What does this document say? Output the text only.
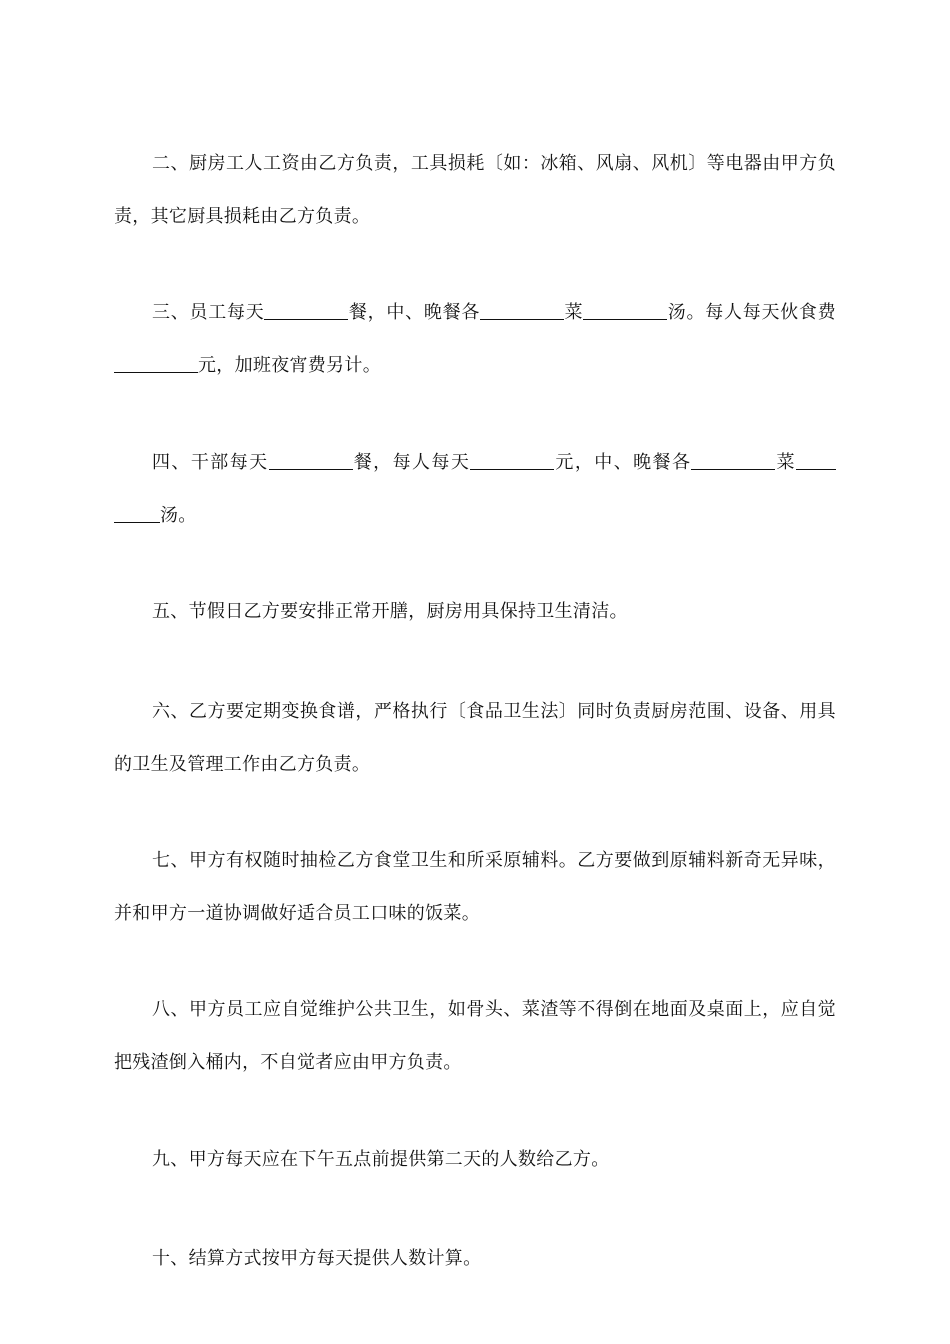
二、厨房工人工资由乙方负责，工具损耗〔如：冰箱、风扇、风机〕等电器由甲方负责，其它厨具损耗由乙方负责。

三、员工每天	餐，中、晚餐各	菜	汤。每人每天伙食费元，加班夜宵费另计。

四、干部每天	餐，每人每天	元，中、晚餐各	菜汤。

五、节假日乙方要安排正常开膳，厨房用具保持卫生清洁。

六、乙方要定期变换食谱，严格执行〔食品卫生法〕同时负责厨房范围、设备、用具的卫生及管理工作由乙方负责。

七、甲方有权随时抽检乙方食堂卫生和所采原辅料。乙方要做到原辅料新奇无异味，并和甲方一道协调做好适合员工口味的饭菜。

八、甲方员工应自觉维护公共卫生，如骨头、菜渣等不得倒在地面及桌面上，应自觉把残渣倒入桶内，不自觉者应由甲方负责。

九、甲方每天应在下午五点前提供第二天的人数给乙方。

十、结算方式按甲方每天提供人数计算。
